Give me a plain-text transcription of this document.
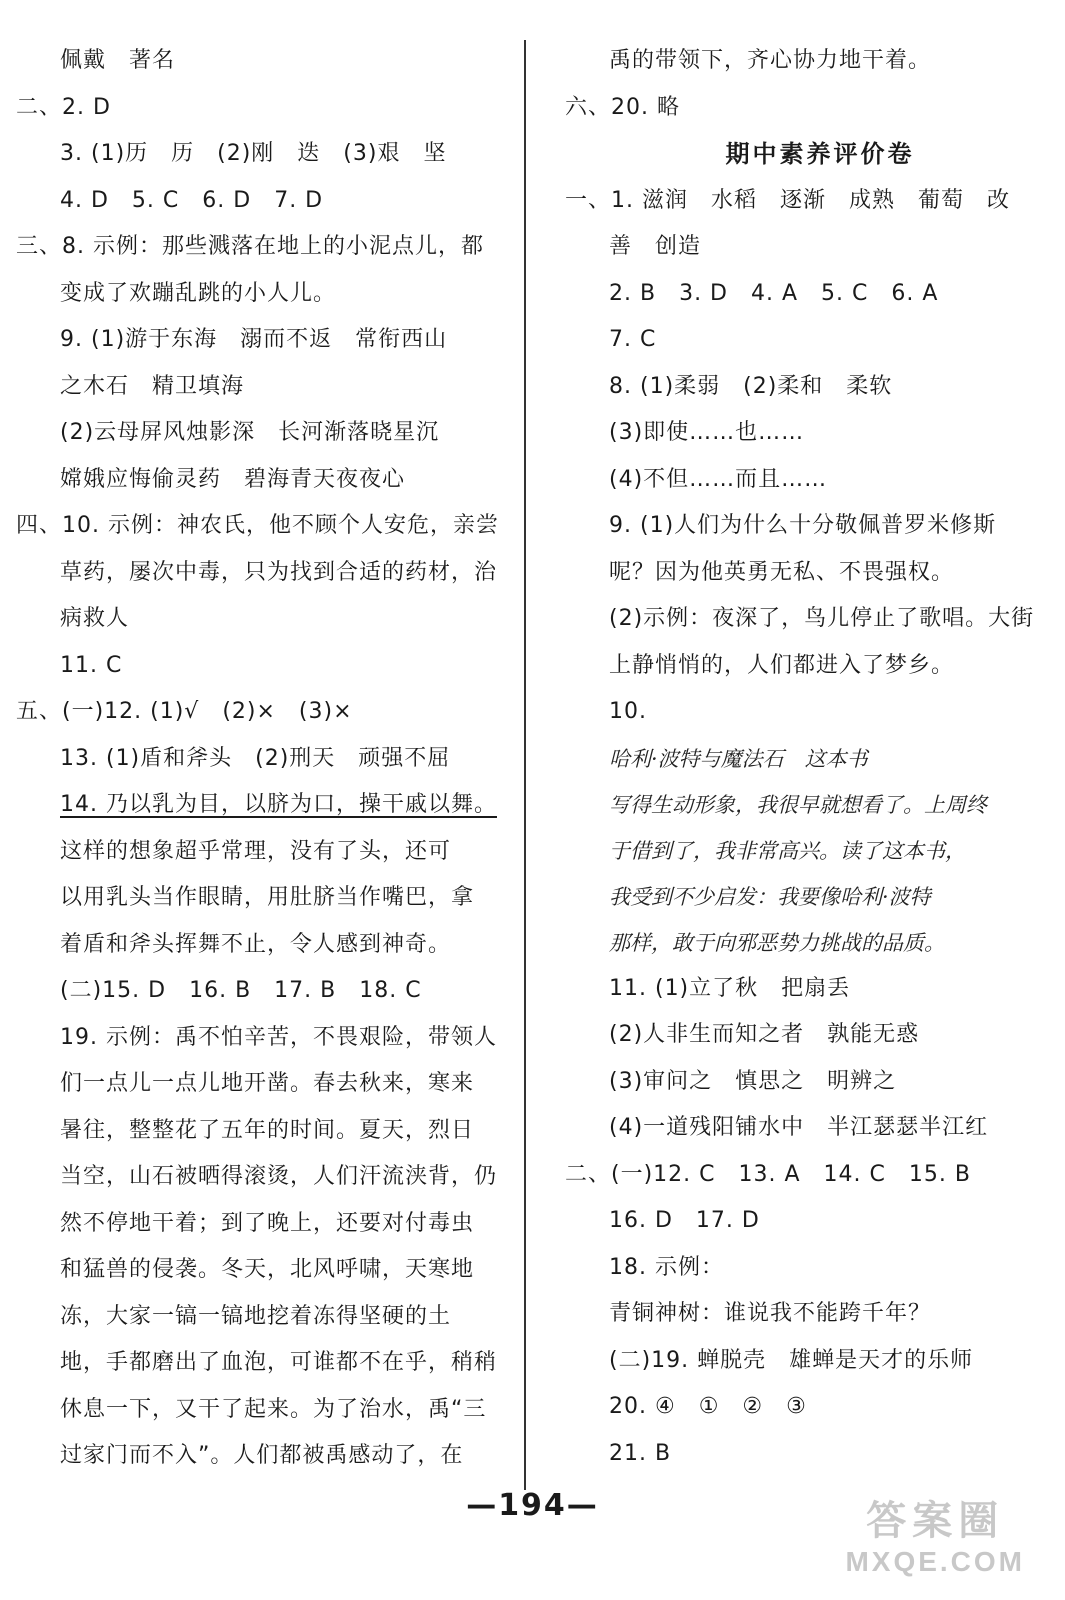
佩戴　著名
二、2. D
3. (1)历　历　(2)刚　迭　(3)艰　坚
4. D　5. C　6. D　7. D
三、8. 示例：那些溅落在地上的小泥点儿，都
变成了欢蹦乱跳的小人儿。
9. (1)游于东海　溺而不返　常衔西山
之木石　精卫填海
(2)云母屏风烛影深　长河渐落晓星沉
嫦娥应悔偷灵药　碧海青天夜夜心
四、10. 示例：神农氏，他不顾个人安危，亲尝
草药，屡次中毒，只为找到合适的药材，治
病救人
11. C
五、(一)12. (1)√　(2)×　(3)×
13. (1)盾和斧头　(2)刑天　顽强不屈
14. 乃以乳为目，以脐为口，操干戚以舞。
这样的想象超乎常理，没有了头，还可
以用乳头当作眼睛，用肚脐当作嘴巴，拿
着盾和斧头挥舞不止，令人感到神奇。
(二)15. D　16. B　17. B　18. C
19. 示例：禹不怕辛苦，不畏艰险，带领人
们一点儿一点儿地开凿。春去秋来，寒来
暑往，整整花了五年的时间。夏天，烈日
当空，山石被晒得滚烫，人们汗流浃背，仍
然不停地干着；到了晚上，还要对付毒虫
和猛兽的侵袭。冬天，北风呼啸，天寒地
冻，大家一镐一镐地挖着冻得坚硬的土
地，手都磨出了血泡，可谁都不在乎，稍稍
休息一下，又干了起来。为了治水，禹“三
过家门而不入”。人们都被禹感动了，在
禹的带领下，齐心协力地干着。
六、20. 略
期中素养评价卷
一、1. 滋润　水稻　逐渐　成熟　葡萄　改
善　创造
2. B　3. D　4. A　5. C　6. A
7. C
8. (1)柔弱　(2)柔和　柔软
(3)即使……也……
(4)不但……而且……
9. (1)人们为什么十分敬佩普罗米修斯
呢？因为他英勇无私、不畏强权。
(2)示例：夜深了，鸟儿停止了歌唱。大街
上静悄悄的，人们都进入了梦乡。
10.
哈利·波特与魔法石　这本书
写得生动形象，我很早就想看了。上周终
于借到了，我非常高兴。读了这本书，
我受到不少启发：我要像哈利·波特
那样，敢于向邪恶势力挑战的品质。
11. (1)立了秋　把扇丢
(2)人非生而知之者　孰能无惑
(3)审问之　慎思之　明辨之
(4)一道残阳铺水中　半江瑟瑟半江红
二、(一)12. C　13. A　14. C　15. B
16. D　17. D
18. 示例：
青铜神树：谁说我不能跨千年？
(二)19. 蝉脱壳　雄蝉是天才的乐师
20. ④　①　②　③
21. B
—194—	答案圈
MXQE.COM
